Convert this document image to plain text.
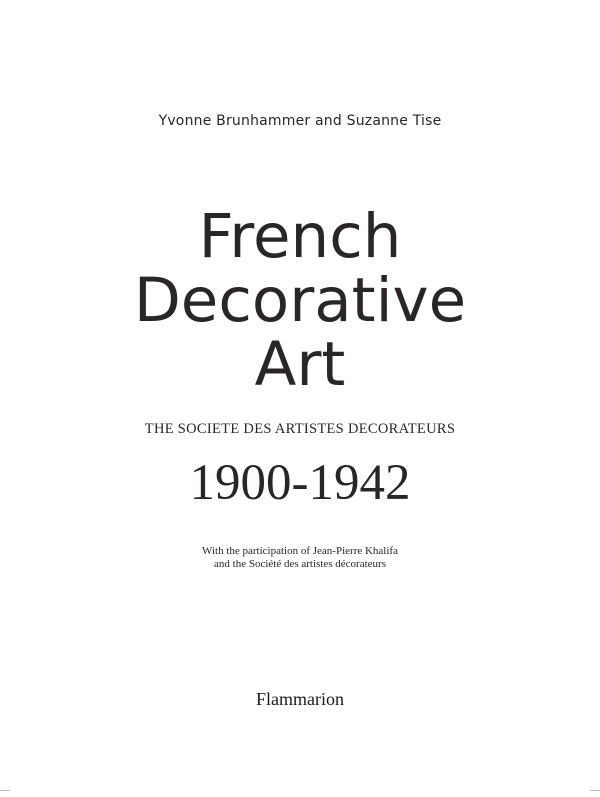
Yvonne Brunhammer and Suzanne Tise
French
Decorative
Art
THE SOCIETE DES ARTISTES DECORATEURS
1900-1942
With the participation of Jean-Pierre Khalifa
and the Société des artistes décorateurs
Flammarion
